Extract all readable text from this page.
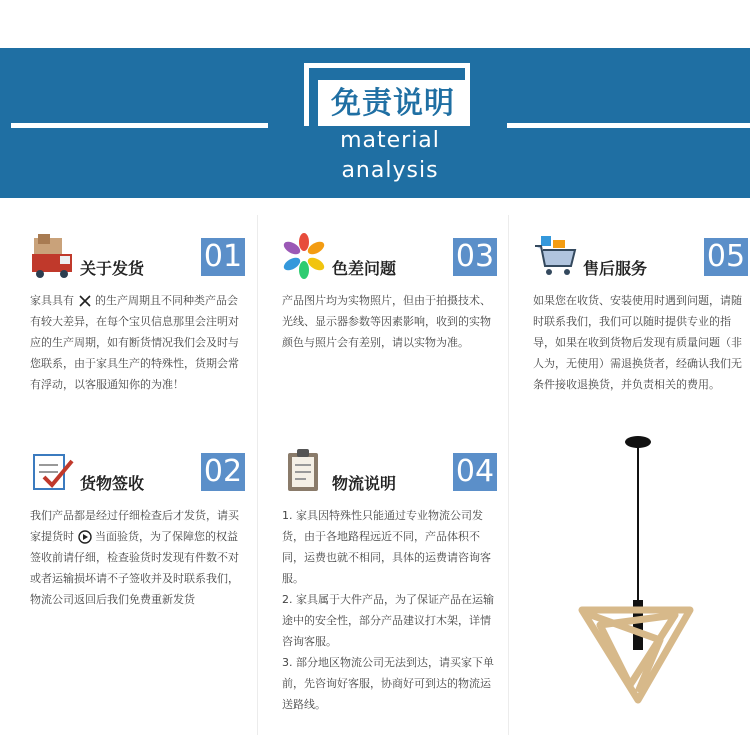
免责说明
material analysis
关于发货 01
家具具有 的生产周期且不同种类产品会有较大差异，在每个宝贝信息那里会注明对应的生产周期，如有断货情况我们会及时与您联系，由于家具生产的特殊性，货期会常有浮动，以客服通知你的为准！
色差问题 03
产品图片均为实物照片，但由于拍摄技术、光线、显示器参数等因素影响，收到的实物颜色与照片会有差别，请以实物为准。
售后服务 05
如果您在收货、安装使用时遇到问题，请随时联系我们，我们可以随时提供专业的指导，如果在收到货物后发现有质量问题（非人为，无使用）需退换货者，经确认我们无条件接收退换货，并负责相关的费用。
货物签收 02
我们产品都是经过仔细检查后才发货，请买家提货时 当面验货，为了保障您的权益签收前请仔细，检查验货时发现有件数不对或者运输损坏请不子签收并及时联系我们，物流公司返回后我们免费重新发货
物流说明 04

1. 家具因特殊性只能通过专业物流公司发货，由于各地路程远近不同，产品体积不同，运费也就不相同，具体的运费请咨询客服。

2. 家具属于大件产品，为了保证产品在运输途中的安全性，部分产品建议打木架，详情咨询客服。

3. 部分地区物流公司无法到达，请买家下单前，先咨询好客服，协商好可到达的物流运送路线。
